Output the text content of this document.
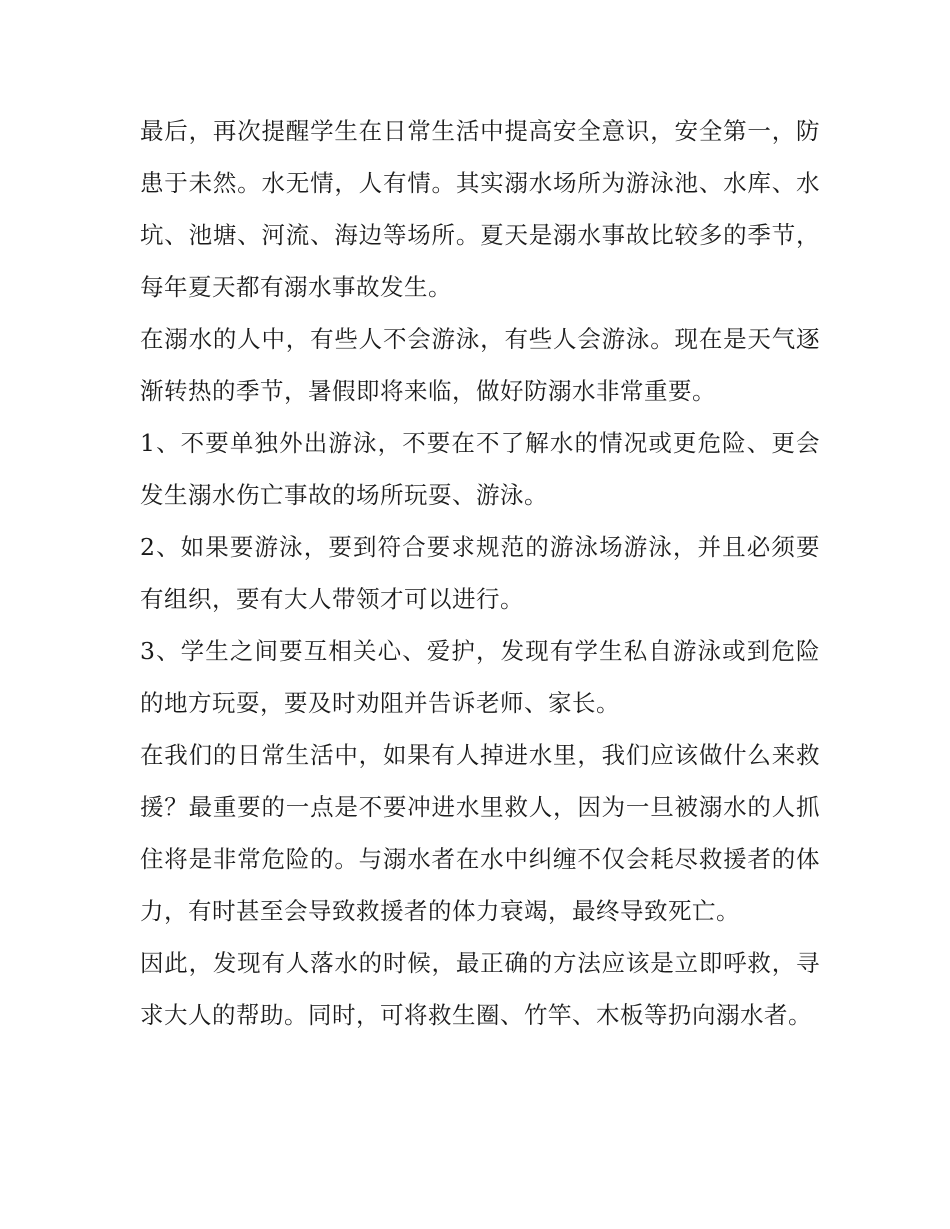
最后，再次提醒学生在日常生活中提高安全意识，安全第一，防患于未然。水无情，人有情。其实溺水场所为游泳池、水库、水坑、池塘、河流、海边等场所。夏天是溺水事故比较多的季节，每年夏天都有溺水事故发生。

在溺水的人中，有些人不会游泳，有些人会游泳。现在是天气逐渐转热的季节，暑假即将来临，做好防溺水非常重要。

1、不要单独外出游泳，不要在不了解水的情况或更危险、更会发生溺水伤亡事故的场所玩耍、游泳。

2、如果要游泳，要到符合要求规范的游泳场游泳，并且必须要有组织，要有大人带领才可以进行。

3、学生之间要互相关心、爱护，发现有学生私自游泳或到危险的地方玩耍，要及时劝阻并告诉老师、家长。

在我们的日常生活中，如果有人掉进水里，我们应该做什么来救援？最重要的一点是不要冲进水里救人，因为一旦被溺水的人抓住将是非常危险的。与溺水者在水中纠缠不仅会耗尽救援者的体力，有时甚至会导致救援者的体力衰竭，最终导致死亡。

因此，发现有人落水的时候，最正确的方法应该是立即呼救，寻求大人的帮助。同时，可将救生圈、竹竿、木板等扔向溺水者。
